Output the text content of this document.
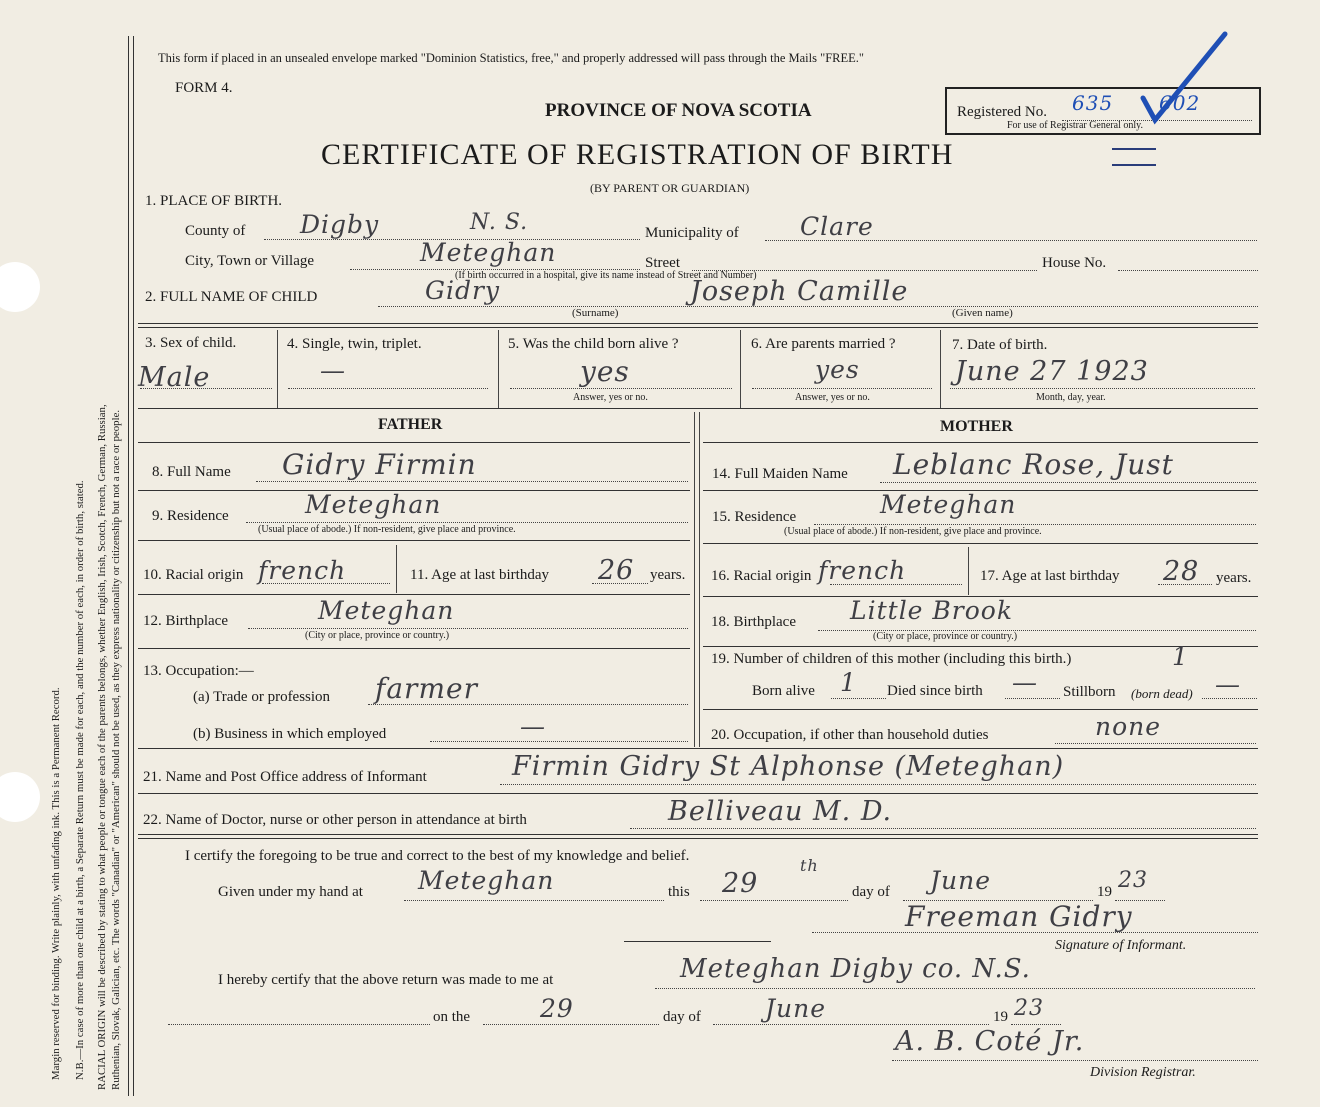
Margin reserved for binding. Write plainly, with unfading ink. This is a Permanent Record. N.B.—In case of more than one child at a birth, a Separate Return must be made for each, and the number of each, in order of birth, stated. RACIAL ORIGIN will be described by stating to what people or tongue each of the parents belongs, whether English, Irish, Scotch, French, German, Russian, Ruthenian, Slovak, Galician, etc. The words "Canadian" or "American" should not be used, as they express nationality or citizenship but not a race or people.
This form if placed in an unsealed envelope marked "Dominion Statistics, free," and properly addressed will pass through the Mails "FREE."
FORM 4.
PROVINCE OF NOVA SCOTIA
CERTIFICATE OF REGISTRATION OF BIRTH
(BY PARENT OR GUARDIAN)
Registered No. 635 602
For use of Registrar General only.
1. PLACE OF BIRTH.
County of Digby	N. S.	Municipality of Clare
City, Town or Village	Meteghan	Street	House No.
(If birth occurred in a hospital, give its name instead of Street and Number)
2. FULL NAME OF CHILD	Gidry	Joseph Camille
(Surname)	(Given name)
3. Sex of child.
Male
4. Single, twin, triplet.
—
5. Was the child born alive ?
yes
Answer, yes or no.
6. Are parents married ?
yes
Answer, yes or no.
7. Date of birth.
June 27 1923
Month, day, year.
FATHER
8. Full Name Gidry Firmin
9. Residence	Meteghan
(Usual place of abode.) If non-resident, give place and province.
10. Racial origin french	11. Age at last birthday 26 years.
12. Birthplace	Meteghan
(City or place, province or country.)
13. Occupation:—
(a) Trade or profession farmer
(b) Business in which employed	—
MOTHER
14. Full Maiden Name Leblanc Rose, Just
15. Residence	Meteghan
(Usual place of abode.) If non-resident, give place and province.
16. Racial origin french	17. Age at last birthday 28 years.
18. Birthplace Little Brook
(City or place, province or country.)
19. Number of children of this mother (including this birth.)	1
Born alive 1 Died since birth — Stillborn (born dead) —
20. Occupation, if other than household duties	none
21. Name and Post Office address of Informant	Firmin Gidry St Alphonse (Meteghan)
22. Name of Doctor, nurse or other person in attendance at birth	Belliveau M. D.
I certify the foregoing to be true and correct to the best of my knowledge and belief.
Given under my hand at Meteghan	this 29
th
day of June	19 23
Freeman Gidry
Signature of Informant.
I hereby certify that the above return was made to me at	Meteghan Digby co. N.S.
on the	29	day of	June	19 23
A. B. Coté Jr.
Division Registrar.
